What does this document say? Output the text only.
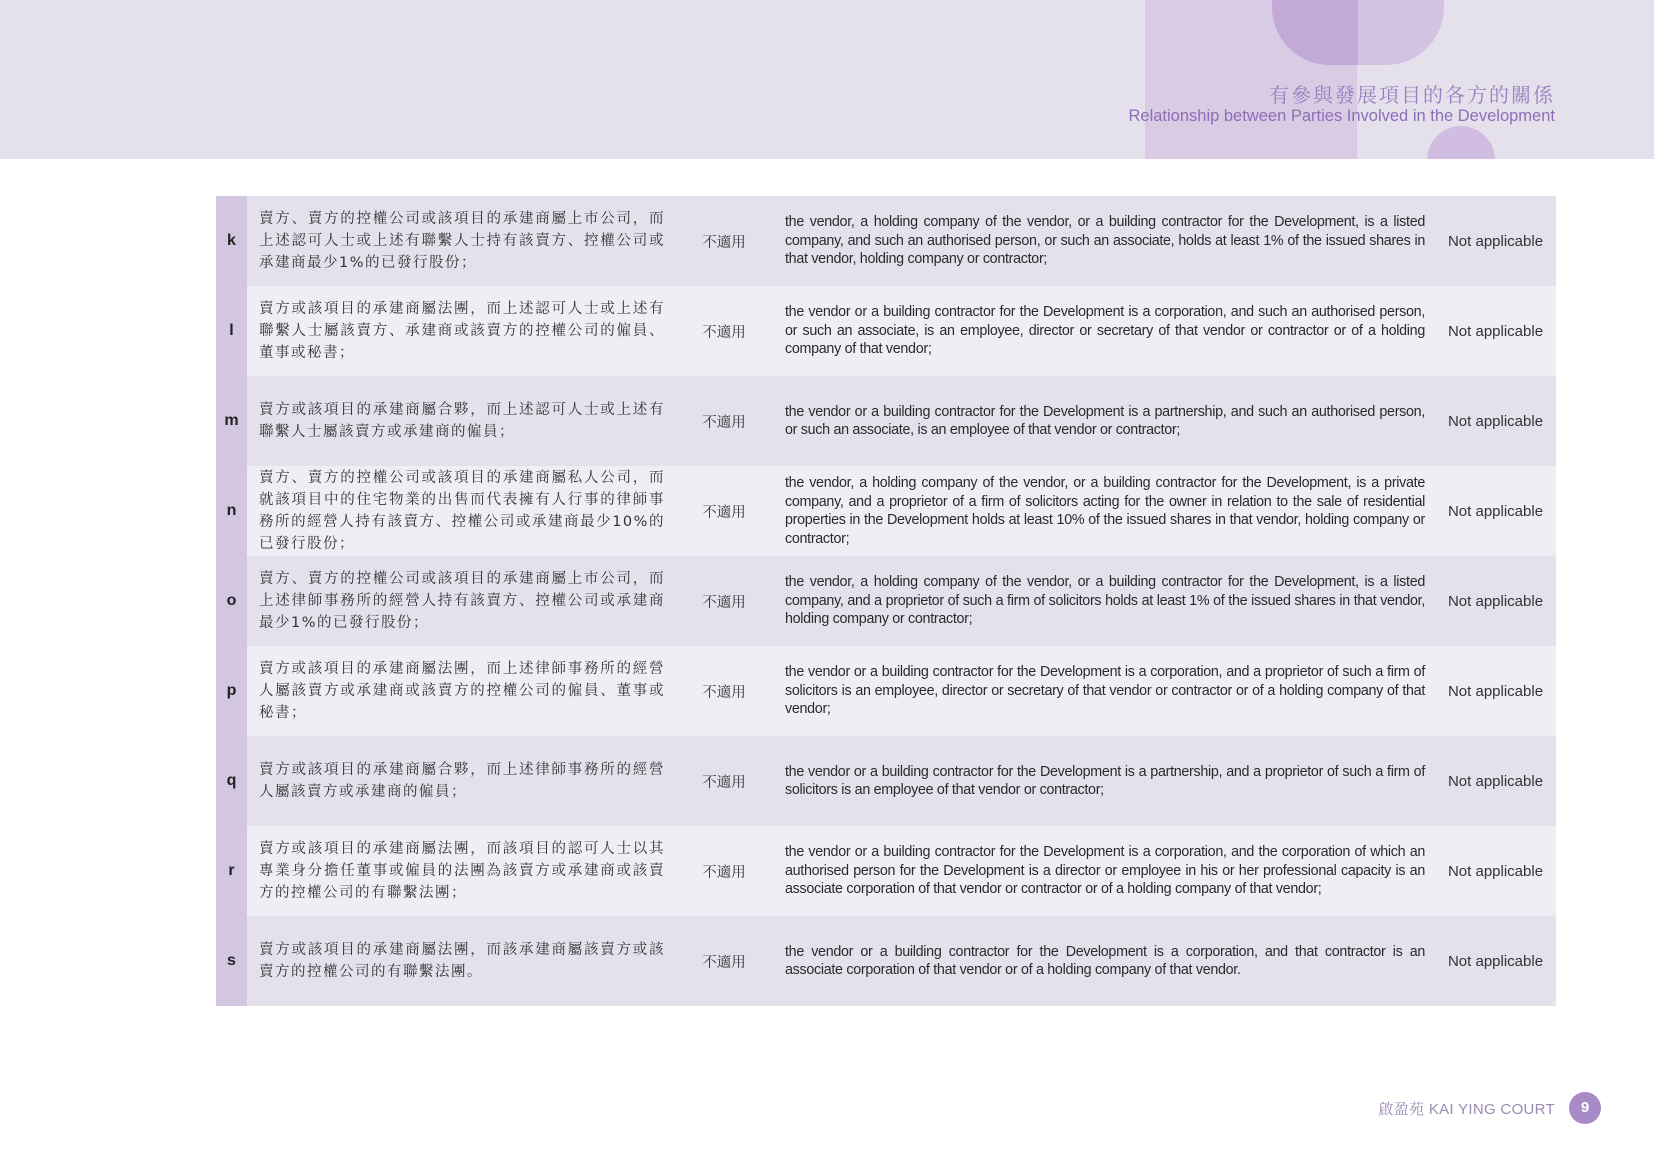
有參與發展項目的各方的關係
Relationship between Parties Involved in the Development
k	賣方、賣方的控權公司或該項目的承建商屬上市公司，而上述認可人士或上述有聯繫人士持有該賣方、控權公司或承建商最少1%的已發行股份；	不適用	the vendor, a holding company of the vendor, or a building contractor for the Development, is a listed company, and such an authorised person, or such an associate, holds at least 1% of the issued shares in that vendor, holding company or contractor;	Not applicable
l	賣方或該項目的承建商屬法團，而上述認可人士或上述有聯繫人士屬該賣方、承建商或該賣方的控權公司的僱員、董事或秘書；	不適用	the vendor or a building contractor for the Development is a corporation, and such an authorised person, or such an associate, is an employee, director or secretary of that vendor or contractor or of a holding company of that vendor;	Not applicable
m	賣方或該項目的承建商屬合夥，而上述認可人士或上述有聯繫人士屬該賣方或承建商的僱員；	不適用	the vendor or a building contractor for the Development is a partnership, and such an authorised person, or such an associate, is an employee of that vendor or contractor;	Not applicable
n	賣方、賣方的控權公司或該項目的承建商屬私人公司，而就該項目中的住宅物業的出售而代表擁有人行事的律師事務所的經營人持有該賣方、控權公司或承建商最少10%的已發行股份；	不適用	the vendor, a holding company of the vendor, or a building contractor for the Development, is a private company, and a proprietor of a firm of solicitors acting for the owner in relation to the sale of residential properties in the Development holds at least 10% of the issued shares in that vendor, holding company or contractor;	Not applicable
o	賣方、賣方的控權公司或該項目的承建商屬上市公司，而上述律師事務所的經營人持有該賣方、控權公司或承建商最少1%的已發行股份；	不適用	the vendor, a holding company of the vendor, or a building contractor for the Development, is a listed company, and a proprietor of such a firm of solicitors holds at least 1% of the issued shares in that vendor, holding company or contractor;	Not applicable
p	賣方或該項目的承建商屬法團，而上述律師事務所的經營人屬該賣方或承建商或該賣方的控權公司的僱員、董事或秘書；	不適用	the vendor or a building contractor for the Development is a corporation, and a proprietor of such a firm of solicitors is an employee, director or secretary of that vendor or contractor or of a holding company of that vendor;	Not applicable
q	賣方或該項目的承建商屬合夥，而上述律師事務所的經營人屬該賣方或承建商的僱員；	不適用	the vendor or a building contractor for the Development is a partnership, and a proprietor of such a firm of solicitors is an employee of that vendor or contractor;	Not applicable
r	賣方或該項目的承建商屬法團，而該項目的認可人士以其專業身分擔任董事或僱員的法團為該賣方或承建商或該賣方的控權公司的有聯繫法團；	不適用	the vendor or a building contractor for the Development is a corporation, and the corporation of which an authorised person for the Development is a director or employee in his or her professional capacity is an associate corporation of that vendor or contractor or of a holding company of that vendor;	Not applicable
s	賣方或該項目的承建商屬法團，而該承建商屬該賣方或該賣方的控權公司的有聯繫法團。	不適用	the vendor or a building contractor for the Development is a corporation, and that contractor is an associate corporation of that vendor or of a holding company of that vendor.	Not applicable
啟盈苑 KAI YING COURT	9
